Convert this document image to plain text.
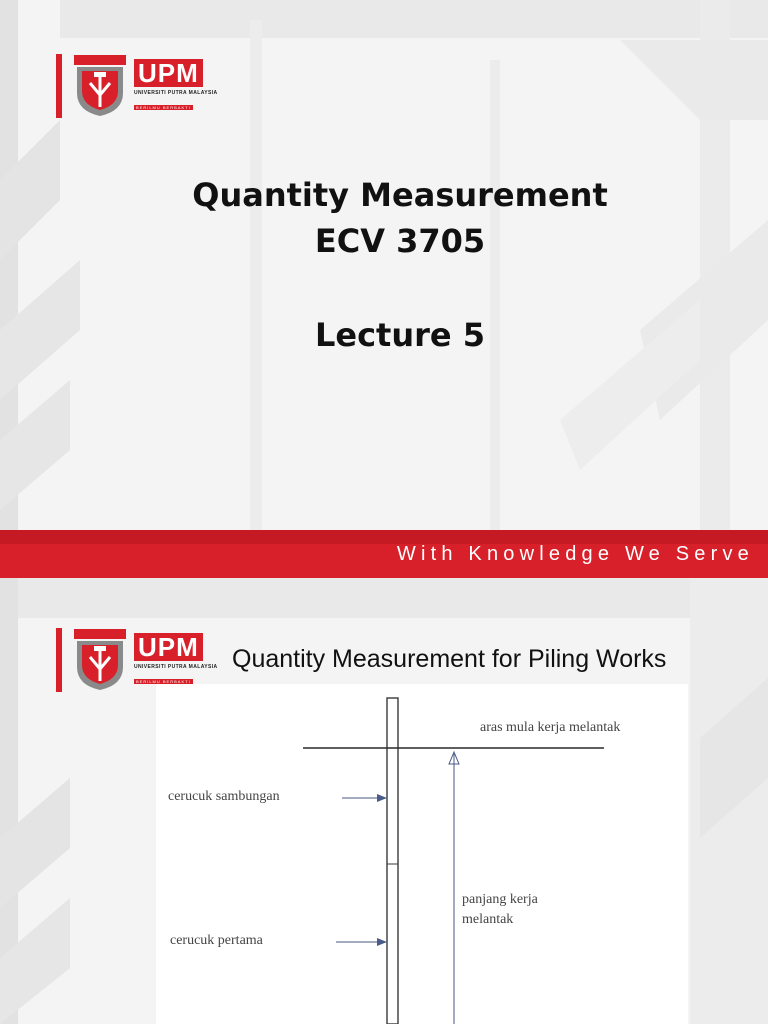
UPM
UNIVERSITI PUTRA MALAYSIA
BERILMU BERBAKTI
Quantity Measurement
ECV 3705
Lecture 5
With Knowledge We Serve
UPM
UNIVERSITI PUTRA MALAYSIA
BERILMU BERBAKTI
Quantity Measurement for Piling Works
aras mula kerja melantak
cerucuk sambungan
cerucuk pertama
panjang kerja
melantak
